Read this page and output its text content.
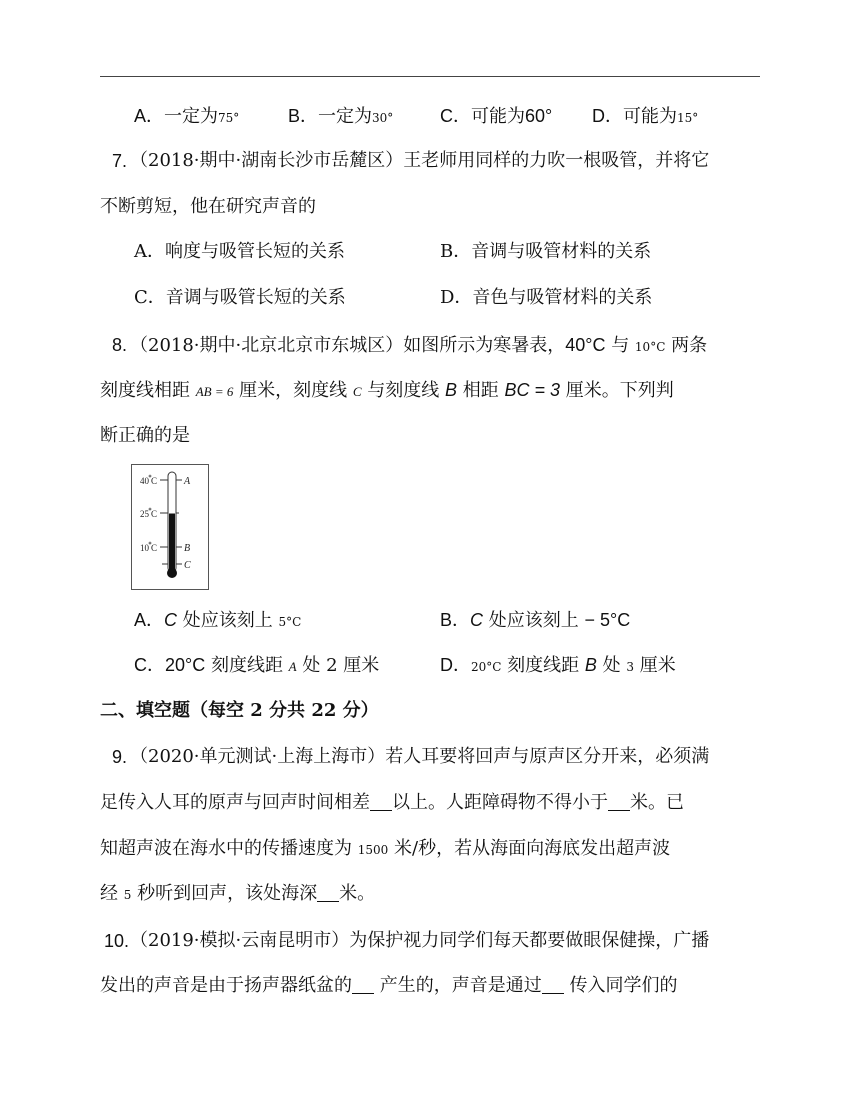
A．一定为75°	B．一定为30°	C．可能为60° D．可能为15°
7. （2018·期中·湖南长沙市岳麓区）王老师用同样的力吹一根吸管，并将它
不断剪短，他在研究声音的
A．响度与吸管长短的关系	B．音调与吸管材料的关系
C．音调与吸管长短的关系	D．音色与吸管材料的关系
8. （2018·期中·北京北京市东城区）如图所示为寒暑表，40°C 与 10°C 两条
刻度线相距 AB = 6 厘米，刻度线 C 与刻度线 B 相距 BC = 3 厘米。下列判
断正确的是
40 C
25 C
10 C
A
B
C
A．C 处应该刻上 5°C	B．C 处应该刻上 − 5°C
C．20°C 刻度线距 A 处 2 厘米	D．20°C 刻度线距 B 处 3 厘米
二、填空题（每空 2 分共 22 分）
9. （2020·单元测试·上海上海市）若人耳要将回声与原声区分开来，必须满
足传入人耳的原声与回声时间相差 以上。人距障碍物不得小于 米。已
知超声波在海水中的传播速度为 1500 米/秒，若从海面向海底发出超声波
经 5 秒听到回声，该处海深 米。
10. （2019·模拟·云南昆明市）为保护视力同学们每天都要做眼保健操，广播
发出的声音是由于扬声器纸盆的 产生的，声音是通过 传入同学们的
